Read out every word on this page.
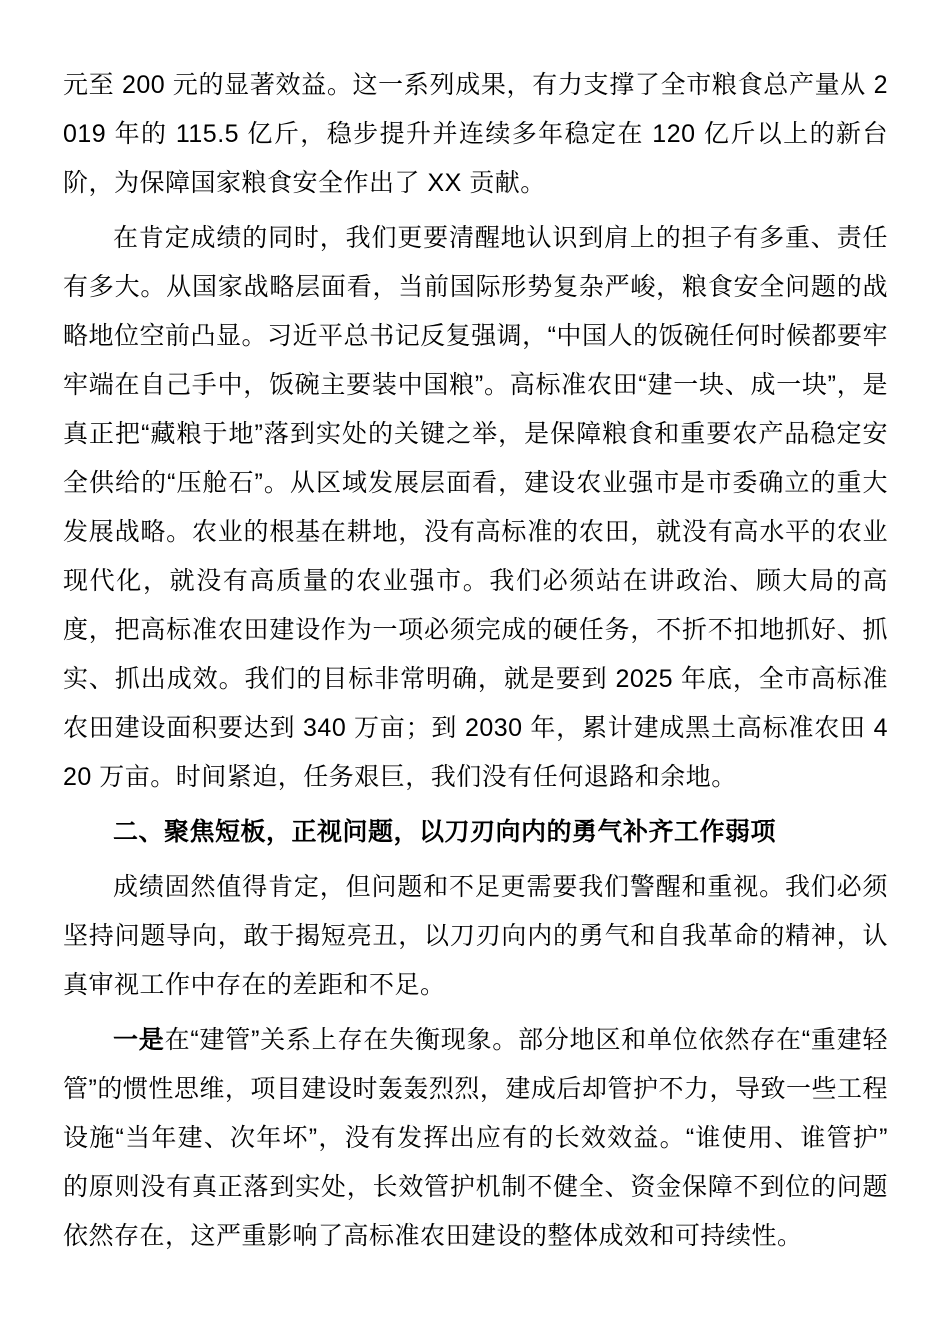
元至 200 元的显著效益。这一系列成果，有力支撑了全市粮食总产量从 2019 年的 115.5 亿斤，稳步提升并连续多年稳定在 120 亿斤以上的新台阶，为保障国家粮食安全作出了 XX 贡献。

在肯定成绩的同时，我们更要清醒地认识到肩上的担子有多重、责任有多大。从国家战略层面看，当前国际形势复杂严峻，粮食安全问题的战略地位空前凸显。习近平总书记反复强调，“中国人的饭碗任何时候都要牢牢端在自己手中，饭碗主要装中国粮”。高标准农田“建一块、成一块”，是真正把“藏粮于地”落到实处的关键之举，是保障粮食和重要农产品稳定安全供给的“压舱石”。从区域发展层面看，建设农业强市是市委确立的重大发展战略。农业的根基在耕地，没有高标准的农田，就没有高水平的农业现代化，就没有高质量的农业强市。我们必须站在讲政治、顾大局的高度，把高标准农田建设作为一项必须完成的硬任务，不折不扣地抓好、抓实、抓出成效。我们的目标非常明确，就是要到 2025 年底，全市高标准农田建设面积要达到 340 万亩；到 2030 年，累计建成黑土高标准农田 420 万亩。时间紧迫，任务艰巨，我们没有任何退路和余地。

二、聚焦短板，正视问题，以刀刃向内的勇气补齐工作弱项

成绩固然值得肯定，但问题和不足更需要我们警醒和重视。我们必须坚持问题导向，敢于揭短亮丑，以刀刃向内的勇气和自我革命的精神，认真审视工作中存在的差距和不足。

一是在“建管”关系上存在失衡现象。部分地区和单位依然存在“重建轻管”的惯性思维，项目建设时轰轰烈烈，建成后却管护不力，导致一些工程设施“当年建、次年坏”，没有发挥出应有的长效效益。“谁使用、谁管护”的原则没有真正落到实处，长效管护机制不健全、资金保障不到位的问题依然存在，这严重影响了高标准农田建设的整体成效和可持续性。
